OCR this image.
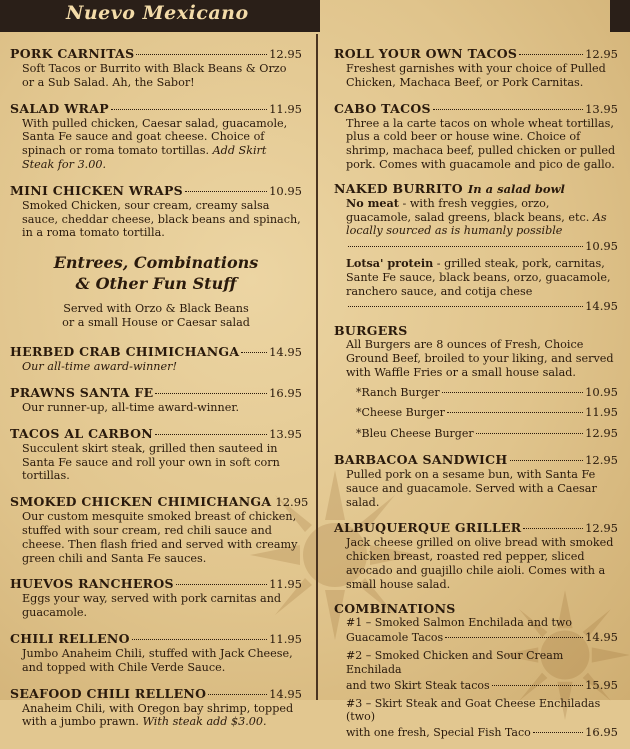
Nuevo Mexicano
PORK CARNITAS	12.95
Soft Tacos or Burrito with Black Beans & Orzo or a Sub Salad. Ah, the Sabor!
SALAD WRAP	11.95
With pulled chicken, Caesar salad, guacamole, Santa Fe sauce and goat cheese. Choice of spinach or roma tomato tortillas. Add Skirt Steak for 3.00.
MINI CHICKEN WRAPS	10.95
Smoked Chicken, sour cream, creamy salsa sauce, cheddar cheese, black beans and spinach, in a roma tomato tortilla.
Entrees, Combinations
& Other Fun Stuff
Served with Orzo & Black Beans
or a small House or Caesar salad
HERBED CRAB CHIMICHANGA	14.95
Our all-time award-winner!
PRAWNS SANTA FE	16.95
Our runner-up, all-time award-winner.
TACOS AL CARBON	13.95
Succulent skirt steak, grilled then sauteed in Santa Fe sauce and roll your own in soft corn tortillas.
SMOKED CHICKEN CHIMICHANGA 12.95
Our custom mesquite smoked breast of chicken, stuffed with sour cream, red chili sauce and cheese. Then flash fried and served with creamy green chili and Santa Fe sauces.
HUEVOS RANCHEROS	11.95
Eggs your way, served with pork carnitas and guacamole.
CHILI RELLENO	11.95
Jumbo Anaheim Chili, stuffed with Jack Cheese, and topped with Chile Verde Sauce.
SEAFOOD CHILI RELLENO	14.95
Anaheim Chili, with Oregon bay shrimp, topped with a jumbo prawn. With steak add $3.00.
ROLL YOUR OWN TACOS	12.95
Freshest garnishes with your choice of Pulled Chicken, Machaca Beef, or Pork Carnitas.
CABO TACOS	13.95
Three a la carte tacos on whole wheat tortillas, plus a cold beer or house wine. Choice of shrimp, machaca beef, pulled chicken or pulled pork. Comes with guacamole and pico de gallo.
NAKED BURRITO In a salad bowl
No meat - with fresh veggies, orzo, guacamole, salad greens, black beans, etc. As locally sourced as is humanly possible
10.95
Lotsa' protein - grilled steak, pork, carnitas, Sante Fe sauce, black beans, orzo, guacamole, ranchero sauce, and cotija chese
14.95
BURGERS
All Burgers are 8 ounces of Fresh, Choice Ground Beef, broiled to your liking, and served with Waffle Fries or a small house salad.
*Ranch Burger	10.95
*Cheese Burger	11.95
*Bleu Cheese Burger	12.95
BARBACOA SANDWICH	12.95
Pulled pork on a sesame bun, with Santa Fe sauce and guacamole. Served with a Caesar salad.
ALBUQUERQUE GRILLER	12.95
Jack cheese grilled on olive bread with smoked chicken breast, roasted red pepper, sliced avocado and guajillo chile aioli. Comes with a small house salad.
COMBINATIONS
#1 – Smoked Salmon Enchilada and two
Guacamole Tacos	14.95
#2 – Smoked Chicken and Sour Cream Enchilada
and two Skirt Steak tacos	15.95
#3 – Skirt Steak and Goat Cheese Enchiladas (two)
with one fresh, Special Fish Taco	16.95
